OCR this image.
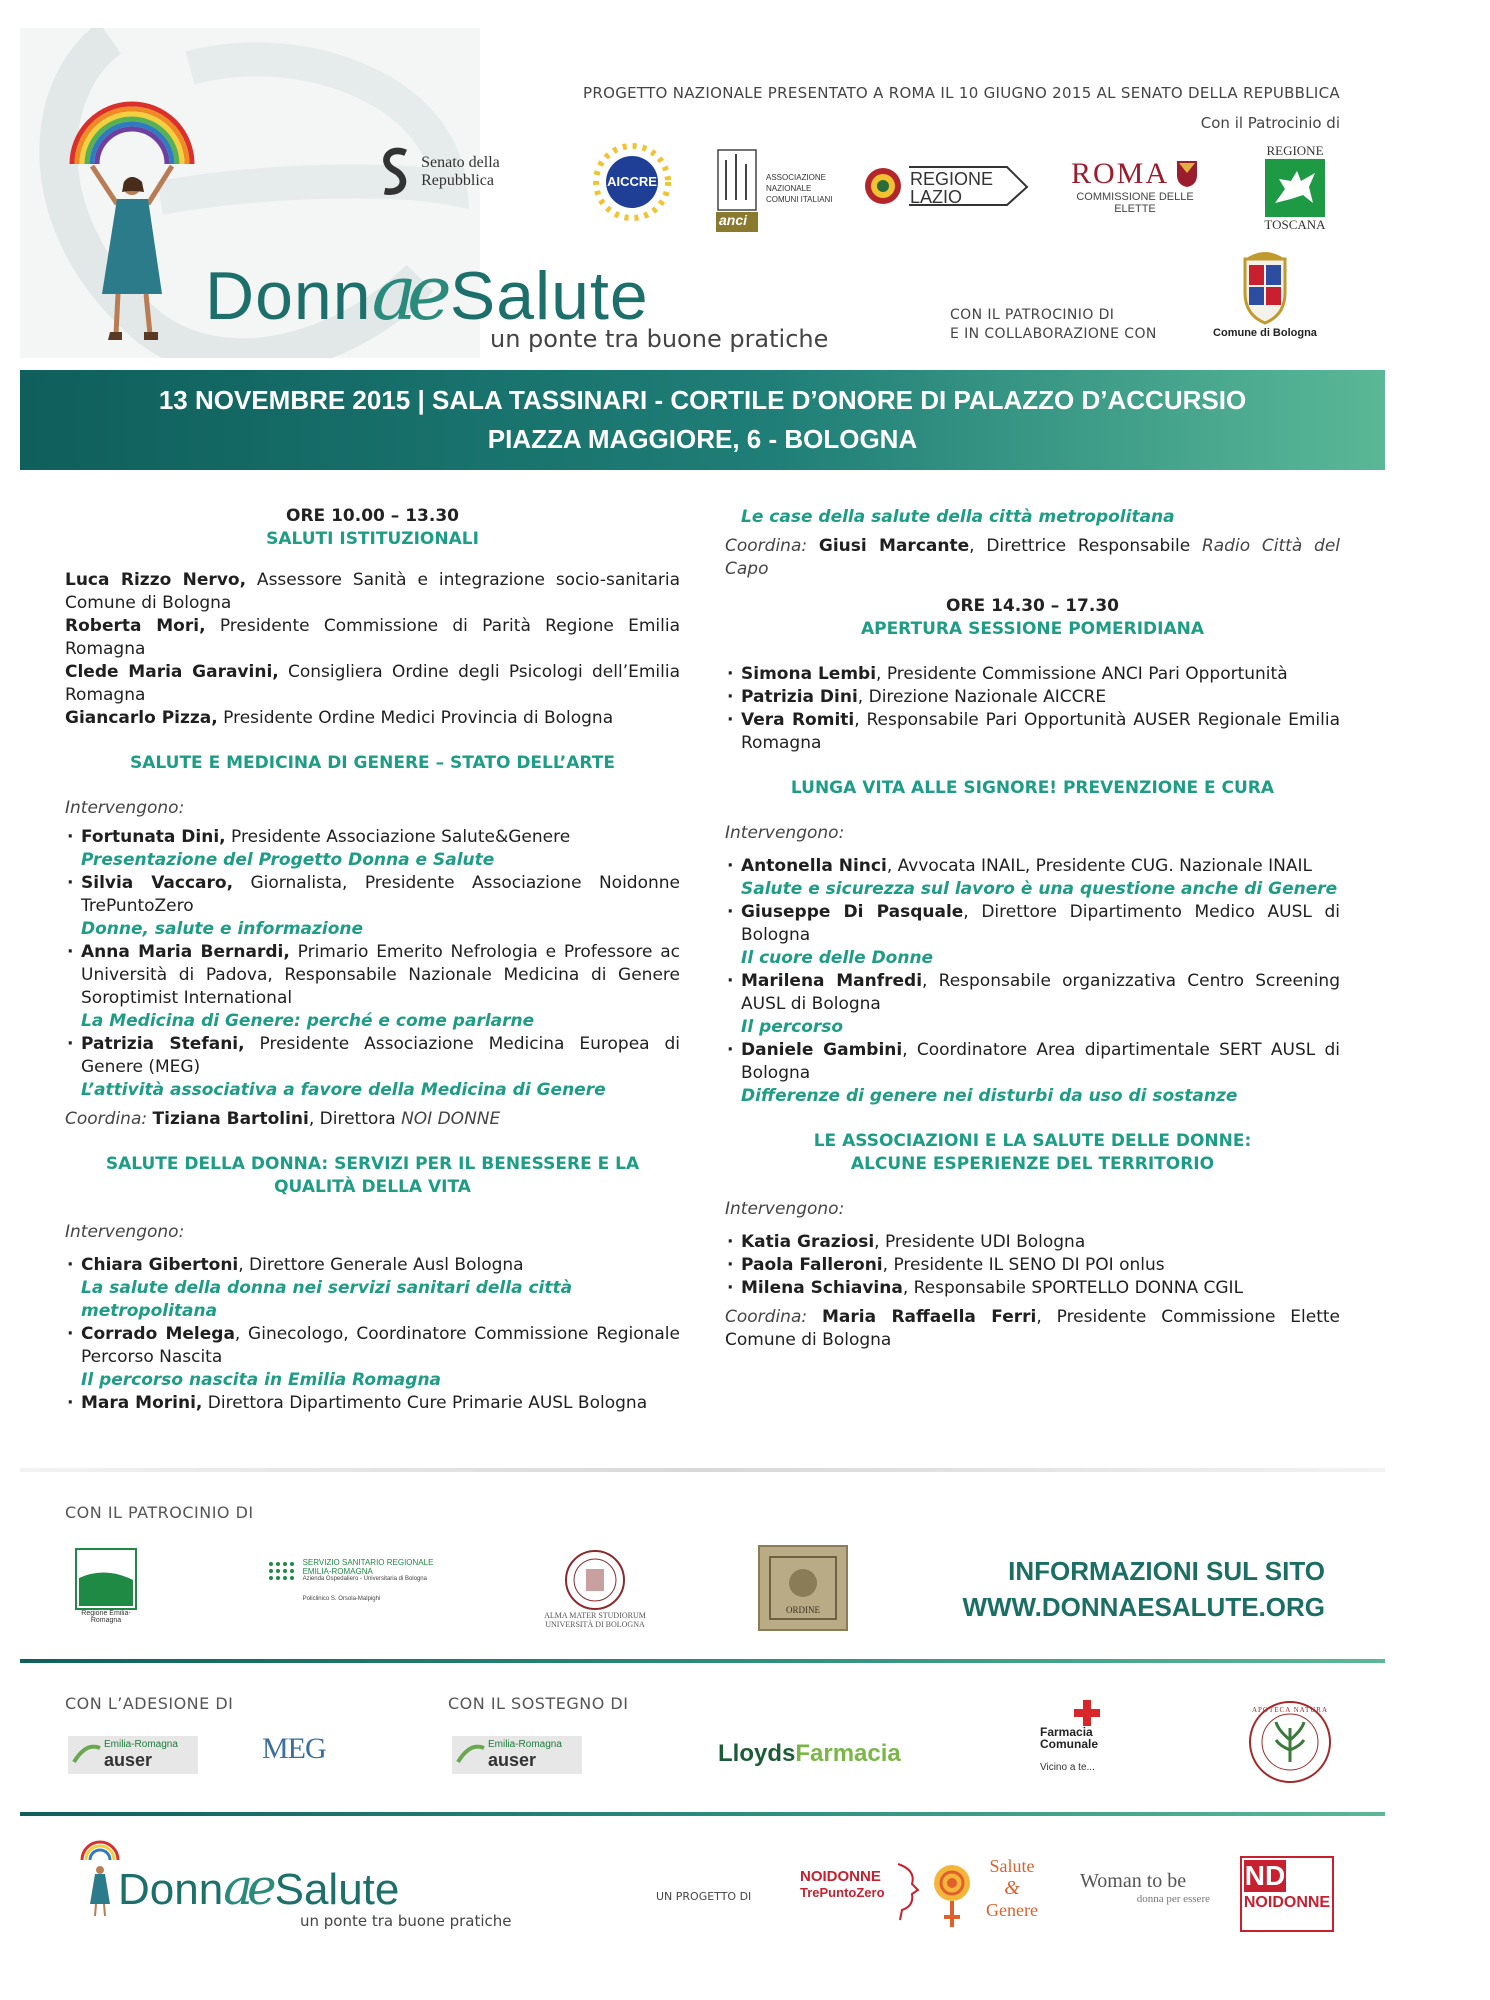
PROGETTO NAZIONALE PRESENTATO A ROMA IL 10 GIUGNO 2015 AL SENATO DELLA REPUBBLICA
Con il Patrocinio di
Senato della Repubblica	AICCRE
anci
ASSOCIAZIONE NAZIONALE COMUNI ITALIANI
REGIONE LAZIO
ROMA
COMMISSIONE DELLE ELETTE
REGIONE
TOSCANA
Donnae Salute
un ponte tra buone pratiche
CON IL PATROCINIO DI
E IN COLLABORAZIONE CON	Comune di Bologna
13 NOVEMBRE 2015 | SALA TASSINARI - CORTILE D’ONORE DI PALAZZO D’ACCURSIO
PIAZZA MAGGIORE, 6 - BOLOGNA

ORE 10.00 – 13.30

SALUTI ISTITUZIONALI

Luca Rizzo Nervo, Assessore Sanità e integrazione socio-sanitaria Comune di Bologna

Roberta Mori, Presidente Commissione di Parità Regione Emilia Romagna

Clede Maria Garavini, Consigliera Ordine degli Psicologi dell’Emilia Romagna

Giancarlo Pizza, Presidente Ordine Medici Provincia di Bologna

SALUTE E MEDICINA DI GENERE – STATO DELL’ARTE

Intervengono:

· Fortunata Dini, Presidente Associazione Salute&Genere

Presentazione del Progetto Donna e Salute

· Silvia Vaccaro, Giornalista, Presidente Associazione Noidonne TrePuntoZero

Donne, salute e informazione

· Anna Maria Bernardi, Primario Emerito Nefrologia e Professore ac Università di Padova, Responsabile Nazionale Medicina di Genere Soroptimist International

La Medicina di Genere: perché e come parlarne

· Patrizia Stefani, Presidente Associazione Medicina Europea di Genere (MEG)

L’attività associativa a favore della Medicina di Genere

Coordina: Tiziana Bartolini, Direttora NOI DONNE

SALUTE DELLA DONNA: SERVIZI PER IL BENESSERE E LA

QUALITÀ DELLA VITA

Intervengono:

· Chiara Gibertoni, Direttore Generale Ausl Bologna

La salute della donna nei servizi sanitari della città metropolitana

· Corrado Melega, Ginecologo, Coordinatore Commissione Regionale Percorso Nascita

Il percorso nascita in Emilia Romagna

· Mara Morini, Direttora Dipartimento Cure Primarie AUSL Bologna

Le case della salute della città metropolitana

Coordina: Giusi Marcante, Direttrice Responsabile Radio Città del Capo

ORE 14.30 – 17.30

APERTURA SESSIONE POMERIDIANA

· Simona Lembi, Presidente Commissione ANCI Pari Opportunità

· Patrizia Dini, Direzione Nazionale AICCRE

· Vera Romiti, Responsabile Pari Opportunità AUSER Regionale Emilia Romagna

LUNGA VITA ALLE SIGNORE! PREVENZIONE E CURA

Intervengono:

· Antonella Ninci, Avvocata INAIL, Presidente CUG. Nazionale INAIL

Salute e sicurezza sul lavoro è una questione anche di Genere

· Giuseppe Di Pasquale, Direttore Dipartimento Medico AUSL di Bologna

Il cuore delle Donne

· Marilena Manfredi, Responsabile organizzativa Centro Screening AUSL di Bologna

Il percorso

· Daniele Gambini, Coordinatore Area dipartimentale SERT AUSL di Bologna

Differenze di genere nei disturbi da uso di sostanze

LE ASSOCIAZIONI E LA SALUTE DELLE DONNE:

ALCUNE ESPERIENZE DEL TERRITORIO

Intervengono:

· Katia Graziosi, Presidente UDI Bologna

· Paola Falleroni, Presidente IL SENO DI POI onlus

· Milena Schiavina, Responsabile SPORTELLO DONNA CGIL

Coordina: Maria Raffaella Ferri, Presidente Commissione Elette Comune di Bologna

CON IL PATROCINIO DI
Regione Emilia-Romagna
SERVIZIO SANITARIO REGIONALE
EMILIA-ROMAGNA
Azienda Ospedaliero - Universitaria di Bologna
Policlinico S. Orsola-Malpighi
ALMA MATER STUDIORUM
UNIVERSITÀ DI BOLOGNA
ORDINE
INFORMAZIONI SUL SITO
WWW.DONNAESALUTE.ORG
CON L’ADESIONE DI	CON IL SOSTEGNO DI
Emilia-Romagna
auser	MEG	Emilia-Romagna
auser	LloydsFarmacia
Farmacia
Comunale
Vicino a te...
APOTECA NATURA
DonnaeSalute
un ponte tra buone pratiche
UN PROGETTO DI
NOIDONNE
TrePuntoZero
Salute
&
Genere
Woman to be
donna per essere
ND
NOIDONNE
